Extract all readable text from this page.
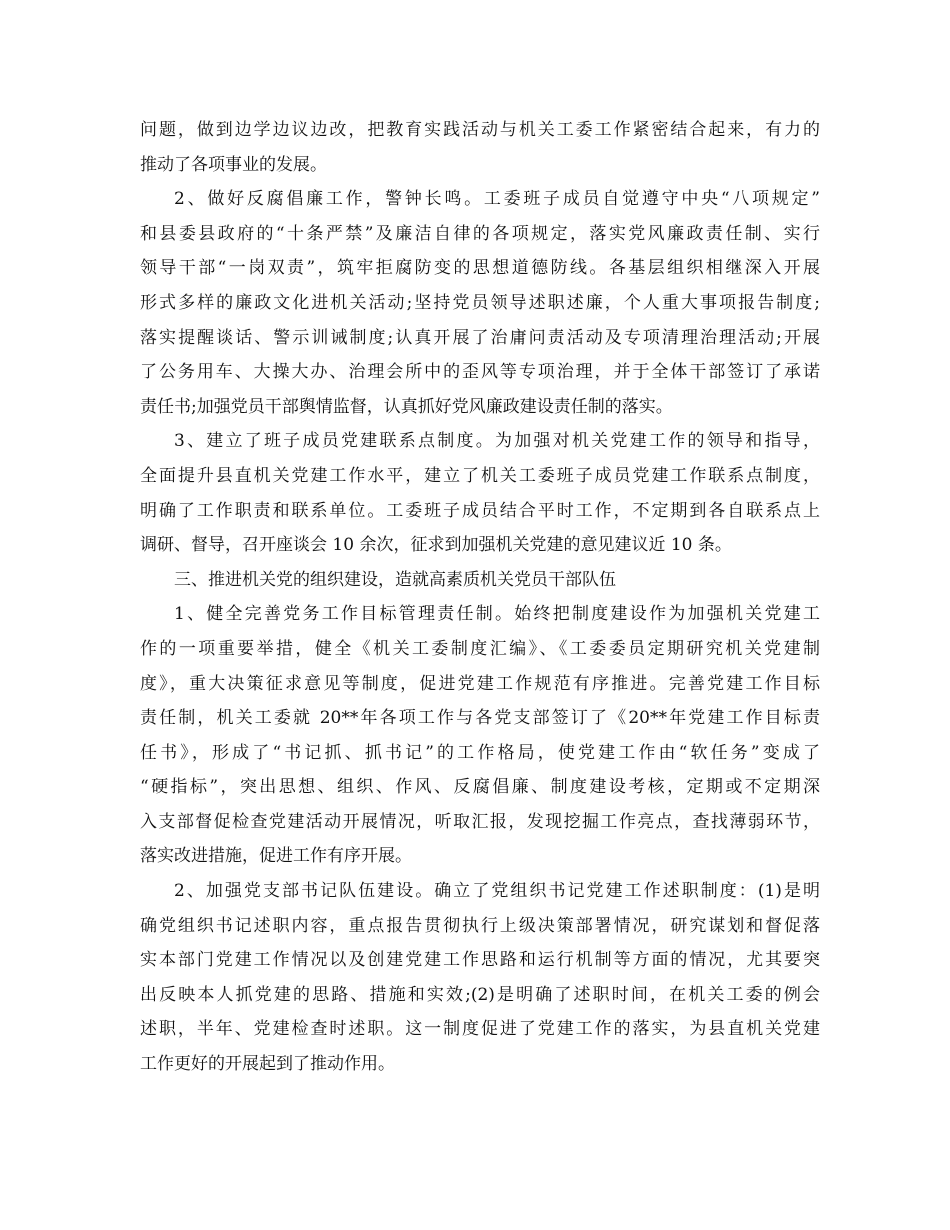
问题，做到边学边议边改，把教育实践活动与机关工委工作紧密结合起来，有力的
推动了各项事业的发展。
2、做好反腐倡廉工作，警钟长鸣。工委班子成员自觉遵守中央“八项规定”
和县委县政府的“十条严禁”及廉洁自律的各项规定，落实党风廉政责任制、实行
领导干部“一岗双责”，筑牢拒腐防变的思想道德防线。各基层组织相继深入开展
形式多样的廉政文化进机关活动;坚持党员领导述职述廉，个人重大事项报告制度;
落实提醒谈话、警示训诫制度;认真开展了治庸问责活动及专项清理治理活动;开展
了公务用车、大操大办、治理会所中的歪风等专项治理，并于全体干部签订了承诺
责任书;加强党员干部舆情监督，认真抓好党风廉政建设责任制的落实。
3、建立了班子成员党建联系点制度。为加强对机关党建工作的领导和指导，
全面提升县直机关党建工作水平，建立了机关工委班子成员党建工作联系点制度，
明确了工作职责和联系单位。工委班子成员结合平时工作，不定期到各自联系点上
调研、督导，召开座谈会 10 余次，征求到加强机关党建的意见建议近 10 条。
三、推进机关党的组织建设，造就高素质机关党员干部队伍
1、健全完善党务工作目标管理责任制。始终把制度建设作为加强机关党建工
作的一项重要举措，健全《机关工委制度汇编》、《工委委员定期研究机关党建制
度》，重大决策征求意见等制度，促进党建工作规范有序推进。完善党建工作目标
责任制，机关工委就 20**年各项工作与各党支部签订了《20**年党建工作目标责
任书》，形成了“书记抓、抓书记”的工作格局，使党建工作由“软任务”变成了
“硬指标”，突出思想、组织、作风、反腐倡廉、制度建设考核，定期或不定期深
入支部督促检查党建活动开展情况，听取汇报，发现挖掘工作亮点，查找薄弱环节，
落实改进措施，促进工作有序开展。
2、加强党支部书记队伍建设。确立了党组织书记党建工作述职制度：(1)是明
确党组织书记述职内容，重点报告贯彻执行上级决策部署情况，研究谋划和督促落
实本部门党建工作情况以及创建党建工作思路和运行机制等方面的情况，尤其要突
出反映本人抓党建的思路、措施和实效;(2)是明确了述职时间，在机关工委的例会
述职，半年、党建检查时述职。这一制度促进了党建工作的落实，为县直机关党建
工作更好的开展起到了推动作用。
